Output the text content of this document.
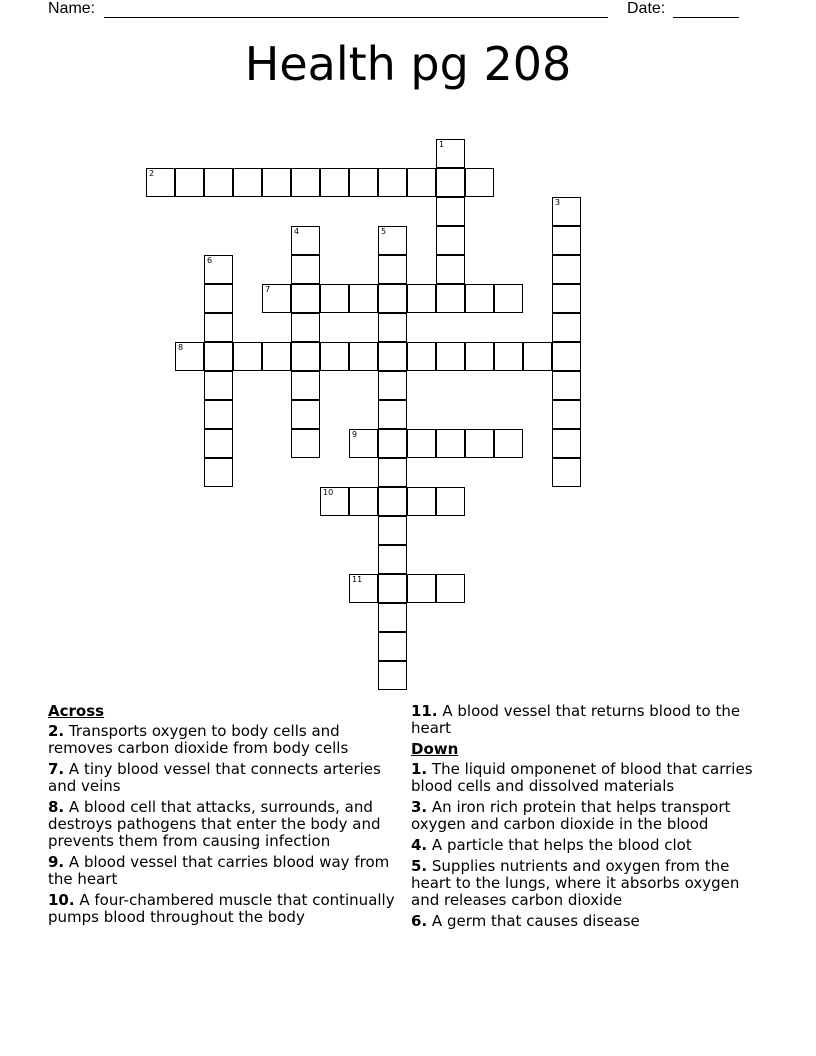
Name:	Date:
Health pg 208
1
2
3
4	5
6
7
8
9
10
11
Across
2. Transports oxygen to body cells and removes carbon dioxide from body cells
7. A tiny blood vessel that connects arteries and veins
8. A blood cell that attacks, surrounds, and destroys pathogens that enter the body and prevents them from causing infection
9. A blood vessel that carries blood way from the heart
10. A four-chambered muscle that continually pumps blood throughout the body
11. A blood vessel that returns blood to the heart
Down
1. The liquid omponenet of blood that carries blood cells and dissolved materials
3. An iron rich protein that helps transport oxygen and carbon dioxide in the blood
4. A particle that helps the blood clot
5. Supplies nutrients and oxygen from the heart to the lungs, where it absorbs oxygen and releases carbon dioxide
6. A germ that causes disease
